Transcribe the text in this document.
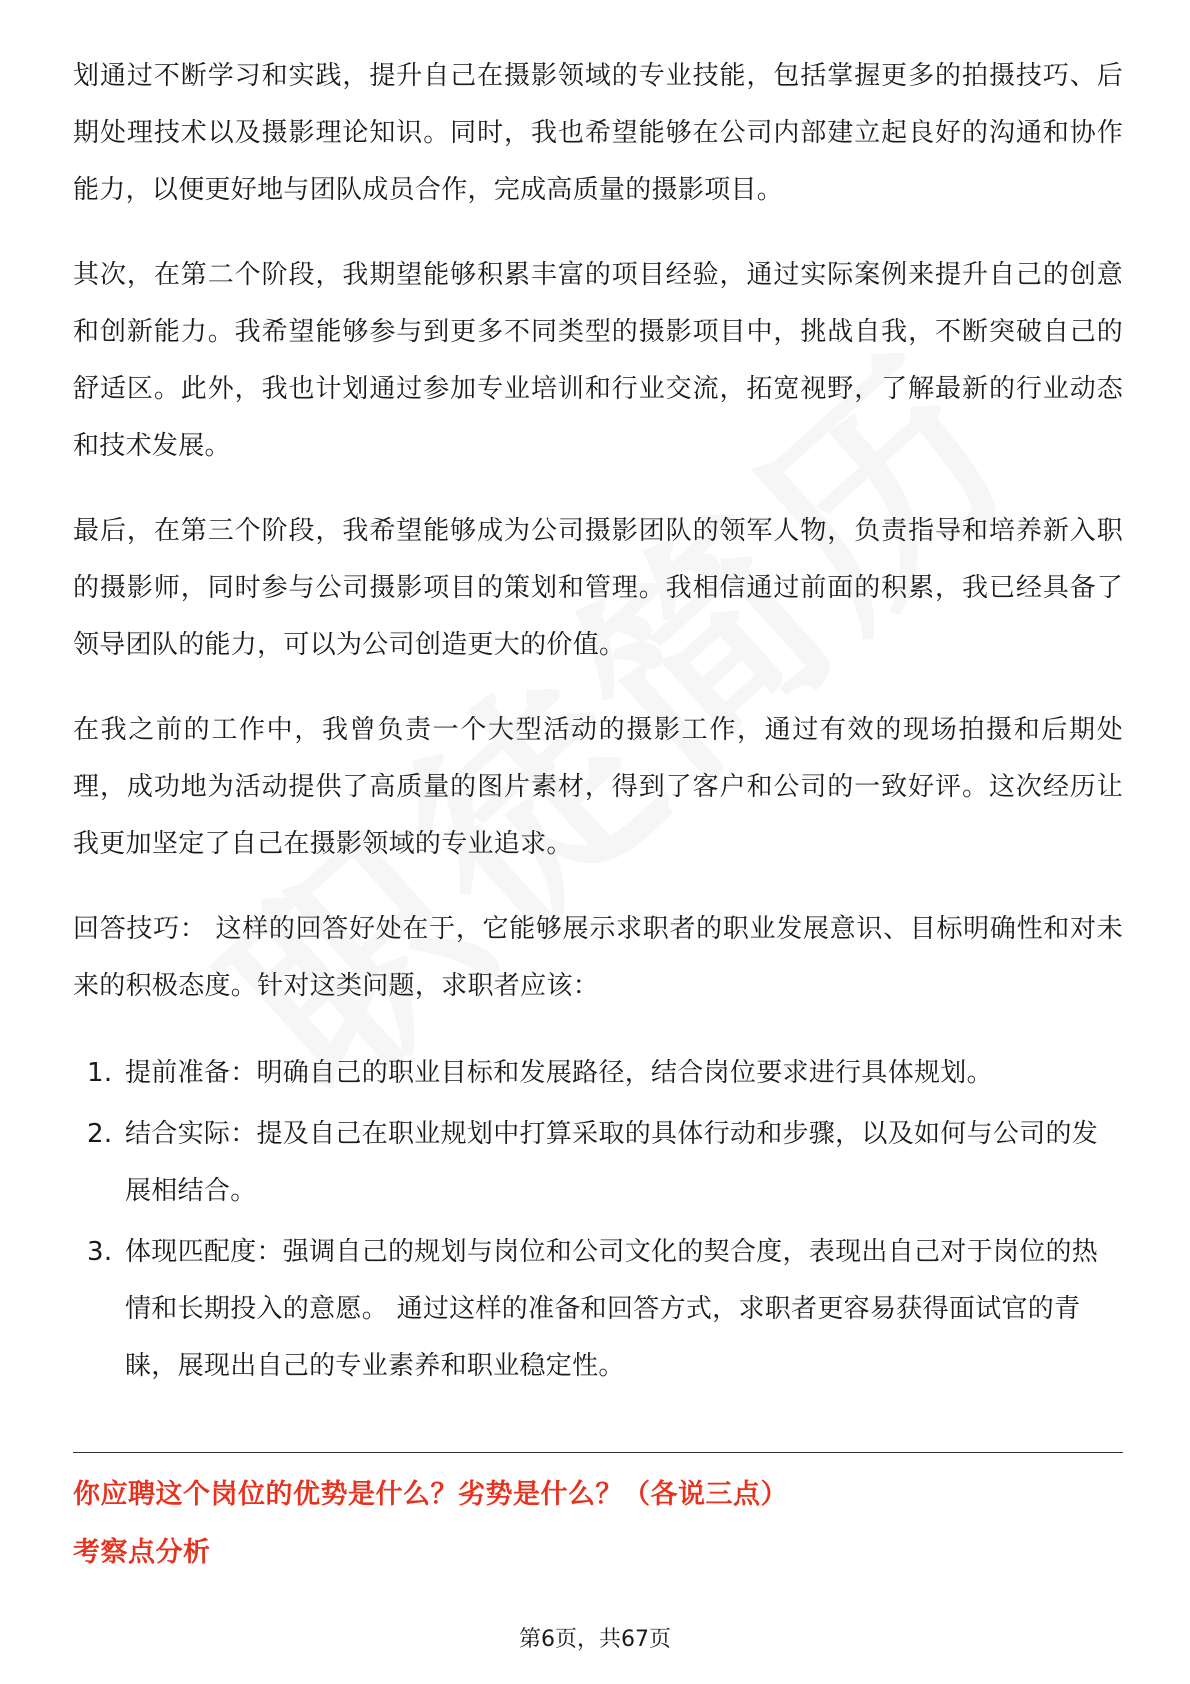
划通过不断学习和实践，提升自己在摄影领域的专业技能，包括掌握更多的拍摄技巧、后期处理技术以及摄影理论知识。同时，我也希望能够在公司内部建立起良好的沟通和协作能力，以便更好地与团队成员合作，完成高质量的摄影项目。

其次，在第二个阶段，我期望能够积累丰富的项目经验，通过实际案例来提升自己的创意和创新能力。我希望能够参与到更多不同类型的摄影项目中，挑战自我，不断突破自己的舒适区。此外，我也计划通过参加专业培训和行业交流，拓宽视野，了解最新的行业动态和技术发展。

最后，在第三个阶段，我希望能够成为公司摄影团队的领军人物，负责指导和培养新入职的摄影师，同时参与公司摄影项目的策划和管理。我相信通过前面的积累，我已经具备了领导团队的能力，可以为公司创造更大的价值。

在我之前的工作中，我曾负责一个大型活动的摄影工作，通过有效的现场拍摄和后期处理，成功地为活动提供了高质量的图片素材，得到了客户和公司的一致好评。这次经历让我更加坚定了自己在摄影领域的专业追求。

回答技巧： 这样的回答好处在于，它能够展示求职者的职业发展意识、目标明确性和对未来的积极态度。针对这类问题，求职者应该：

1. 提前准备：明确自己的职业目标和发展路径，结合岗位要求进行具体规划。
2. 结合实际：提及自己在职业规划中打算采取的具体行动和步骤，以及如何与公司的发展相结合。
3. 体现匹配度：强调自己的规划与岗位和公司文化的契合度，表现出自己对于岗位的热情和长期投入的意愿。 通过这样的准备和回答方式，求职者更容易获得面试官的青睐，展现出自己的专业素养和职业稳定性。
你应聘这个岗位的优势是什么？劣势是什么？（各说三点）
考察点分析
第6页，共67页
